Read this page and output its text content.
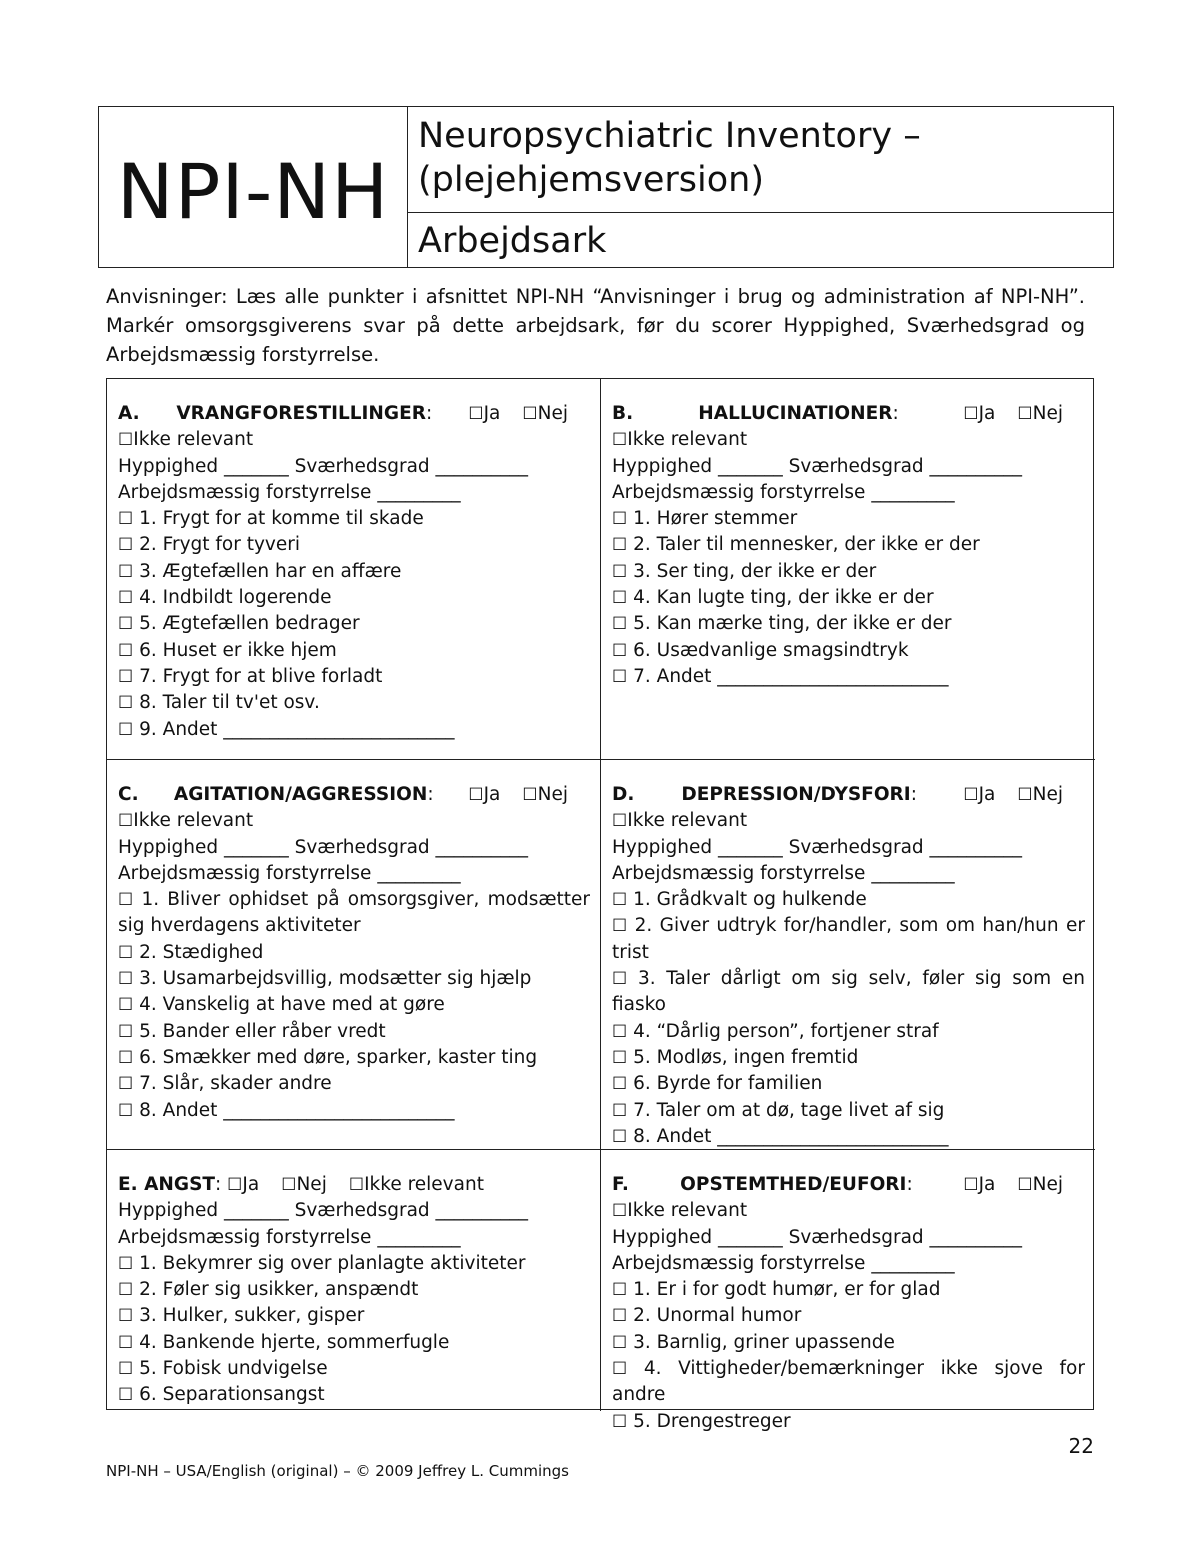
NPI-NH
Neuropsychiatric Inventory –
(plejehjemsversion)
Arbejdsark
Anvisninger: Læs alle punkter i afsnittet NPI-NH “Anvisninger i brug og administration af NPI-NH”. Markér omsorgsgiverens svar på dette arbejdsark, før du scorer Hyppighed, Sværhedsgrad og Arbejdsmæssig forstyrrelse.
A. VRANGFORESTILLINGER: ☐Ja ☐Nej☐Ikke relevant
Hyppighed _______ Sværhedsgrad __________
Arbejdsmæssig forstyrrelse _________
☐ 1. Frygt for at komme til skade
☐ 2. Frygt for tyveri
☐ 3. Ægtefællen har en affære
☐ 4. Indbildt logerende
☐ 5. Ægtefællen bedrager
☐ 6. Huset er ikke hjem
☐ 7. Frygt for at blive forladt
☐ 8. Taler til tv'et osv.
☐ 9. Andet _________________________
B. HALLUCINATIONER: ☐Ja ☐Nej☐Ikke relevant
Hyppighed _______ Sværhedsgrad __________
Arbejdsmæssig forstyrrelse _________
☐ 1. Hører stemmer
☐ 2. Taler til mennesker, der ikke er der
☐ 3. Ser ting, der ikke er der
☐ 4. Kan lugte ting, der ikke er der
☐ 5. Kan mærke ting, der ikke er der
☐ 6. Usædvanlige smagsindtryk
☐ 7. Andet _________________________
C. AGITATION/AGGRESSION: ☐Ja ☐Nej☐Ikke relevant
Hyppighed _______ Sværhedsgrad __________
Arbejdsmæssig forstyrrelse _________
☐ 1. Bliver ophidset på omsorgsgiver, modsætter sig hverdagens aktiviteter
☐ 2. Stædighed
☐ 3. Usamarbejdsvillig, modsætter sig hjælp
☐ 4. Vanskelig at have med at gøre
☐ 5. Bander eller råber vredt
☐ 6. Smækker med døre, sparker, kaster ting
☐ 7. Slår, skader andre
☐ 8. Andet _________________________
D. DEPRESSION/DYSFORI: ☐Ja ☐Nej☐Ikke relevant
Hyppighed _______ Sværhedsgrad __________
Arbejdsmæssig forstyrrelse _________
☐ 1. Grådkvalt og hulkende
☐ 2. Giver udtryk for/handler, som om han/hun er trist
☐ 3. Taler dårligt om sig selv, føler sig som en fiasko
☐ 4. “Dårlig person”, fortjener straf
☐ 5. Modløs, ingen fremtid
☐ 6. Byrde for familien
☐ 7. Taler om at dø, tage livet af sig
☐ 8. Andet _________________________
E. ANGST: ☐Ja ☐Nej ☐Ikke relevant
Hyppighed _______ Sværhedsgrad __________
Arbejdsmæssig forstyrrelse _________
☐ 1. Bekymrer sig over planlagte aktiviteter
☐ 2. Føler sig usikker, anspændt
☐ 3. Hulker, sukker, gisper
☐ 4. Bankende hjerte, sommerfugle
☐ 5. Fobisk undvigelse
☐ 6. Separationsangst
F. OPSTEMTHED/EUFORI: ☐Ja ☐Nej☐Ikke relevant
Hyppighed _______ Sværhedsgrad __________
Arbejdsmæssig forstyrrelse _________
☐ 1. Er i for godt humør, er for glad
☐ 2. Unormal humor
☐ 3. Barnlig, griner upassende
☐ 4. Vittigheder/bemærkninger ikke sjove for andre
☐ 5. Drengestreger
22
NPI-NH – USA/English (original) – © 2009 Jeffrey L. Cummings
